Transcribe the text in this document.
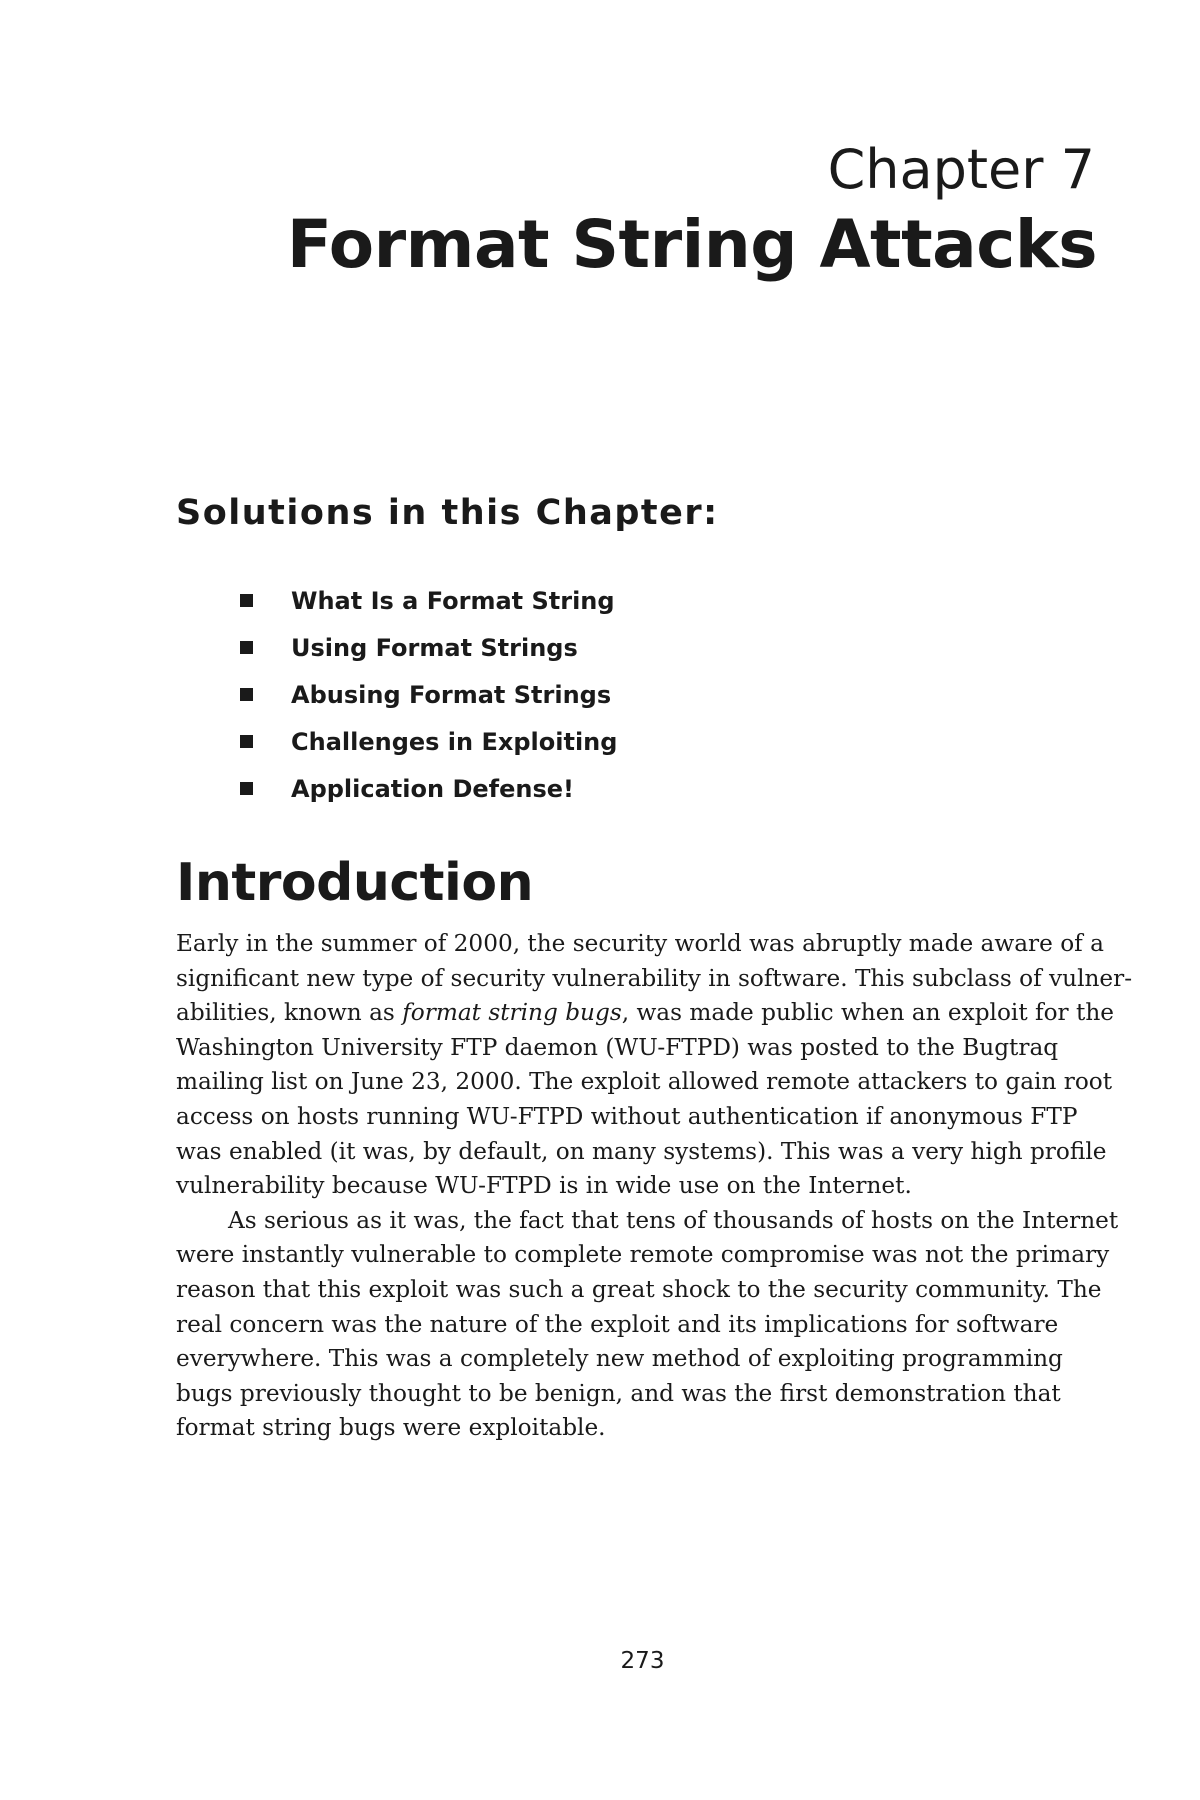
Chapter 7
Format String Attacks
Solutions in this Chapter:
What Is a Format String
Using Format Strings
Abusing Format Strings
Challenges in Exploiting
Application Defense!
Introduction

Early in the summer of 2000, the security world was abruptly made aware of a
significant new type of security vulnerability in software. This subclass of vulner-
abilities, known as format string bugs, was made public when an exploit for the
Washington University FTP daemon (WU-FTPD) was posted to the Bugtraq
mailing list on June 23, 2000. The exploit allowed remote attackers to gain root
access on hosts running WU-FTPD without authentication if anonymous FTP
was enabled (it was, by default, on many systems). This was a very high profile
vulnerability because WU-FTPD is in wide use on the Internet.

As serious as it was, the fact that tens of thousands of hosts on the Internet
were instantly vulnerable to complete remote compromise was not the primary
reason that this exploit was such a great shock to the security community. The
real concern was the nature of the exploit and its implications for software
everywhere. This was a completely new method of exploiting programming
bugs previously thought to be benign, and was the first demonstration that
format string bugs were exploitable.

273
